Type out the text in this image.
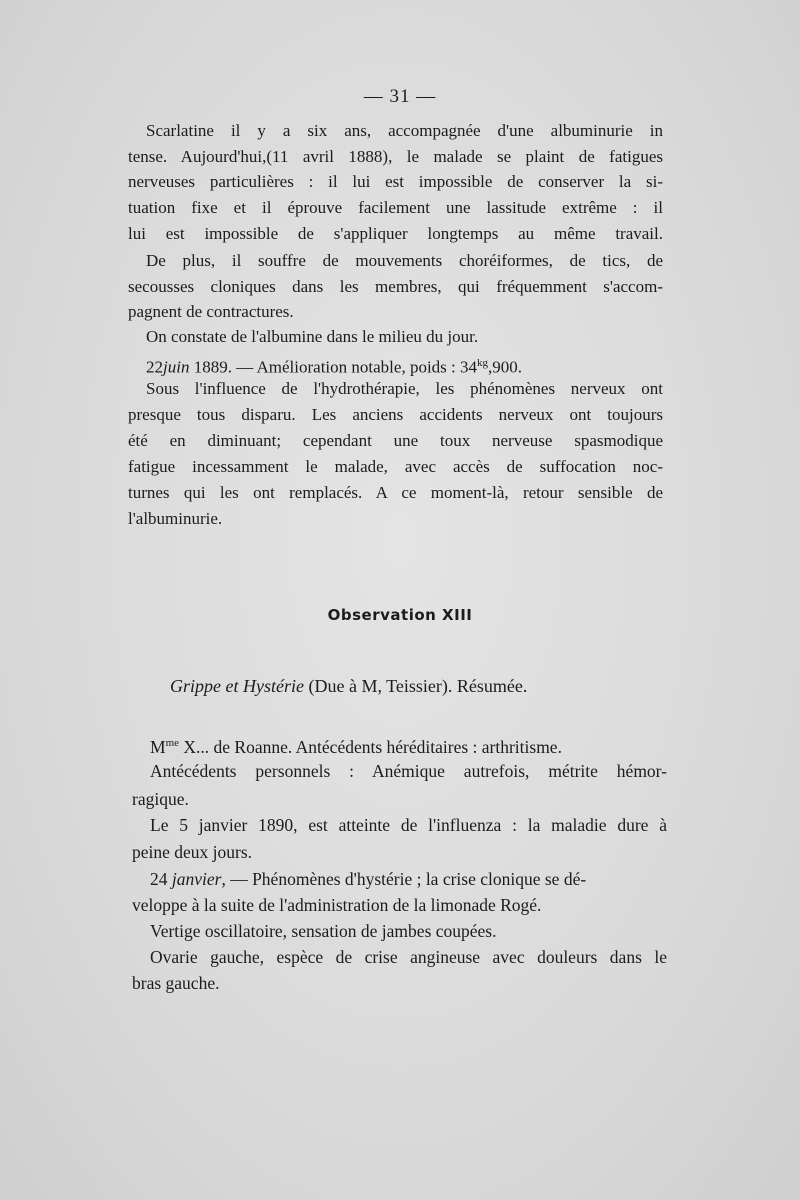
— 31 —
Scarlatine il y a six ans, accompagnée d'une albuminurie in
tense. Aujourd'hui,(11 avril 1888), le malade se plaint de fatigues
nerveuses particulières : il lui est impossible de conserver la si-
tuation fixe et il éprouve facilement une lassitude extrême : il
lui est impossible de s'appliquer longtemps au même travail.
De plus, il souffre de mouvements choréiformes, de tics, de
secousses cloniques dans les membres, qui fréquemment s'accom-
pagnent de contractures.
On constate de l'albumine dans le milieu du jour.
22juin 1889. — Amélioration notable, poids : $34^{kg},900$.
Sous l'influence de l'hydrothérapie, les phénomènes nerveux ont
presque tous disparu. Les anciens accidents nerveux ont toujours
été en diminuant; cependant une toux nerveuse spasmodique
fatigue incessamment le malade, avec accès de suffocation noc-
turnes qui les ont remplacés. A ce moment-là, retour sensible de
l'albuminurie.
Observation XIII
Grippe et Hystérie (Due à M, Teissier). Résumée.
$M^{me}$ X... de Roanne. Antécédents héréditaires : arthritisme.
Antécédents personnels : Anémique autrefois, métrite hémor-
ragique.
Le 5 janvier 1890, est atteinte de l'influenza : la maladie dure à
peine deux jours.
24 janvier, — Phénomènes d'hystérie ; la crise clonique se dé-
veloppe à la suite de l'administration de la limonade Rogé.
Vertige oscillatoire, sensation de jambes coupées.
Ovarie gauche, espèce de crise angineuse avec douleurs dans le
bras gauche.
